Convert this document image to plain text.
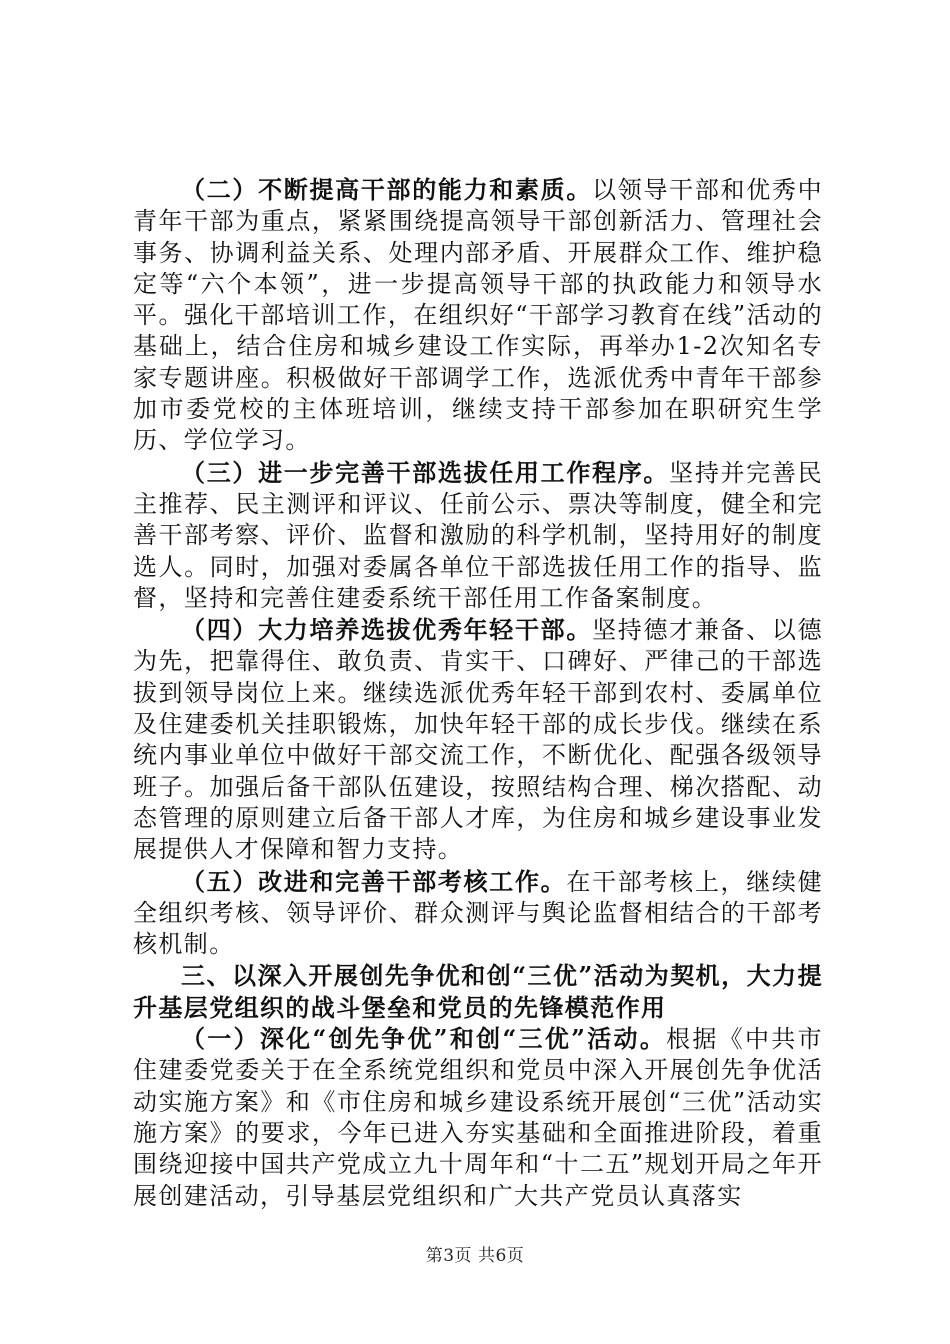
（二）不断提高干部的能力和素质。以领导干部和优秀中青年干部为重点，紧紧围绕提高领导干部创新活力、管理社会事务、协调利益关系、处理内部矛盾、开展群众工作、维护稳定等“六个本领”，进一步提高领导干部的执政能力和领导水平。强化干部培训工作，在组织好“干部学习教育在线”活动的基础上，结合住房和城乡建设工作实际，再举办1-2次知名专家专题讲座。积极做好干部调学工作，选派优秀中青年干部参加市委党校的主体班培训，继续支持干部参加在职研究生学历、学位学习。

（三）进一步完善干部选拔任用工作程序。坚持并完善民主推荐、民主测评和评议、任前公示、票决等制度，健全和完善干部考察、评价、监督和激励的科学机制，坚持用好的制度选人。同时，加强对委属各单位干部选拔任用工作的指导、监督，坚持和完善住建委系统干部任用工作备案制度。

（四）大力培养选拔优秀年轻干部。坚持德才兼备、以德为先，把靠得住、敢负责、肯实干、口碑好、严律己的干部选拔到领导岗位上来。继续选派优秀年轻干部到农村、委属单位及住建委机关挂职锻炼，加快年轻干部的成长步伐。继续在系统内事业单位中做好干部交流工作，不断优化、配强各级领导班子。加强后备干部队伍建设，按照结构合理、梯次搭配、动态管理的原则建立后备干部人才库，为住房和城乡建设事业发展提供人才保障和智力支持。

（五）改进和完善干部考核工作。在干部考核上，继续健全组织考核、领导评价、群众测评与舆论监督相结合的干部考核机制。

三、以深入开展创先争优和创“三优”活动为契机，大力提升基层党组织的战斗堡垒和党员的先锋模范作用

（一）深化“创先争优”和创“三优”活动。根据《中共市住建委党委关于在全系统党组织和党员中深入开展创先争优活动实施方案》和《市住房和城乡建设系统开展创“三优”活动实施方案》的要求，今年已进入夯实基础和全面推进阶段，着重围绕迎接中国共产党成立九十周年和“十二五”规划开局之年开展创建活动，引导基层党组织和广大共产党员认真落实

第3页 共6页
